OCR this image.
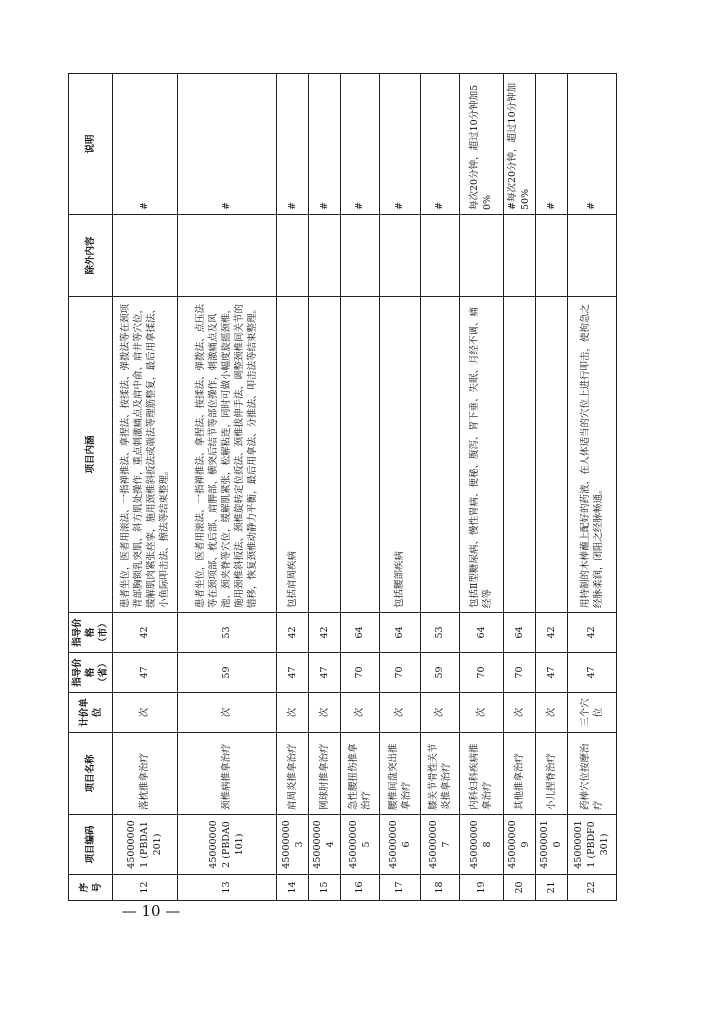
序号	项目编码	项目名称	计价单位	指导价格（省）	指导价格（市）	项目内涵	除外内容	说明
12	450000001 (PBDA1201)	落枕推拿治疗	次	47	42	患者坐位，医者用滚法、一指禅推法、拿捏法、按揉法、弹拨法等在颈项背部胸锁乳突肌、斜方肌处操作，重点刺激痛点及肩中俞、肩井等穴位，缓解肌肉紧张痉挛，施用颈椎斜扳法或端法等理筋整复，最后用拿揉法、小鱼际叩击法、擦法等结束整理。		#
13	450000002 (PBDA0101)	颈椎病推拿治疗	次	59	53	患者坐位，医者用滚法、一指禅推法、拿捏法、按揉法、弹拨法、点压法等在颈项部、枕后部、肩胛部、横突后结节等部位操作，刺激痛点及风池、颈夹脊等穴位，缓解肌紧张，松解粘连，同时可做小幅度旋摇颈椎，施用颈椎斜扳法、颈椎旋转定位扳法、颈椎拔伸手法、调整颈椎间关节的错移，恢复颈椎动静力平衡，最后用拿法、分推法、叩击法等结束整理。		#
14	450000003	肩周炎推拿治疗	次	47	42	包括肩周疾病		#
15	450000004	网球肘推拿治疗	次	47	42			#
16	450000005	急性腰扭伤推拿治疗	次	70	64			#
17	450000006	腰椎间盘突出推拿治疗	次	70	64	包括腰部疾病		#
18	450000007	膝关节骨性关节炎推拿治疗	次	59	53			#
19	450000008	内科妇科疾病推拿治疗	次	70	64	包括Ⅱ型糖尿病、慢性胃病、便秘、腹泻、胃下垂、失眠、月经不调、痛经等		每次20分钟，超过10分钟加50%
20	450000009	其他推拿治疗	次	70	64			#每次20分钟，超过10分钟加50%
21	450000010	小儿捏脊治疗	次	47	42			#
22	450000011 (PBDF0301)	药棒穴位按摩治疗	三个穴位	47	42	用特制的木棒蘸上配好的药液，在人体适当的穴位上进行叩击，使拘急之经脉柔润，闭阻之经脉畅通。		#
— 10 —
